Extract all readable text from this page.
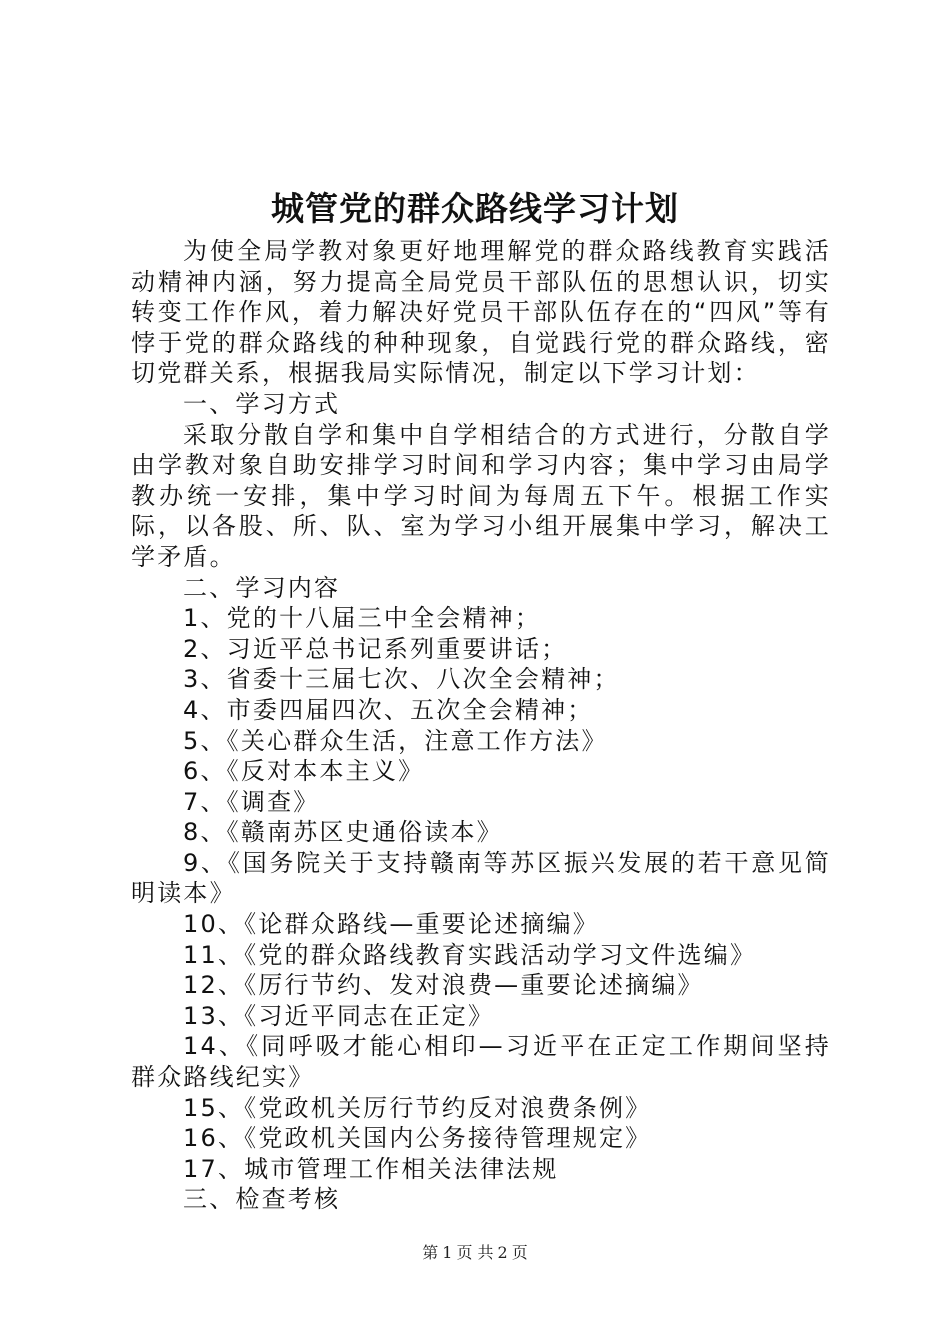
城管党的群众路线学习计划

为使全局学教对象更好地理解党的群众路线教育实践活动精神内涵，努力提高全局党员干部队伍的思想认识，切实转变工作作风，着力解决好党员干部队伍存在的“四风”等有悖于党的群众路线的种种现象，自觉践行党的群众路线，密切党群关系，根据我局实际情况，制定以下学习计划：

一、学习方式

采取分散自学和集中自学相结合的方式进行，分散自学由学教对象自助安排学习时间和学习内容；集中学习由局学教办统一安排，集中学习时间为每周五下午。根据工作实际，以各股、所、队、室为学习小组开展集中学习，解决工学矛盾。

二、学习内容

1、党的十八届三中全会精神；

2、习近平总书记系列重要讲话；

3、省委十三届七次、八次全会精神；

4、市委四届四次、五次全会精神；

5、《关心群众生活，注意工作方法》

6、《反对本本主义》

7、《调查》

8、《赣南苏区史通俗读本》

9、《国务院关于支持赣南等苏区振兴发展的若干意见简明读本》

10、《论群众路线—重要论述摘编》

11、《党的群众路线教育实践活动学习文件选编》

12、《厉行节约、发对浪费—重要论述摘编》

13、《习近平同志在正定》

14、《同呼吸才能心相印—习近平在正定工作期间坚持群众路线纪实》

15、《党政机关厉行节约反对浪费条例》

16、《党政机关国内公务接待管理规定》

17、城市管理工作相关法律法规

三、检查考核

第 1 页 共 2 页
